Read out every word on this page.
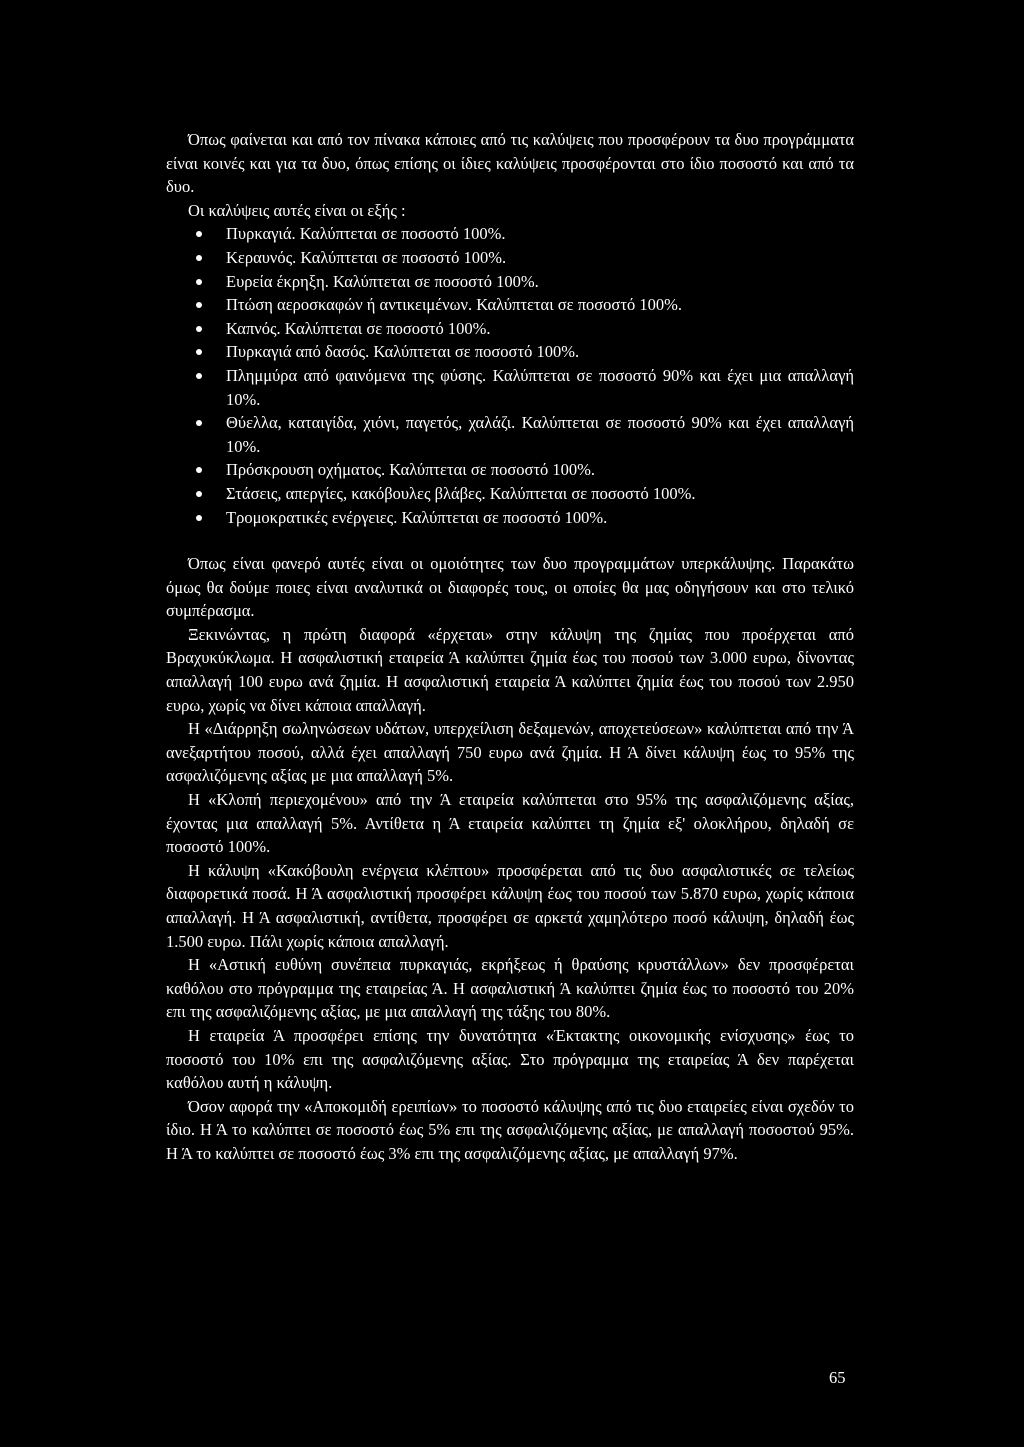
Όπως φαίνεται και από τον πίνακα κάποιες από τις καλύψεις που προσφέρουν τα δυο προγράμματα είναι κοινές και για τα δυο, όπως επίσης οι ίδιες καλύψεις προσφέρονται στο ίδιο ποσοστό και από τα δυο.

Οι καλύψεις αυτές είναι οι εξής :

Πυρκαγιά. Καλύπτεται σε ποσοστό 100%.
Κεραυνός. Καλύπτεται σε ποσοστό 100%.
Ευρεία έκρηξη. Καλύπτεται σε ποσοστό 100%.
Πτώση αεροσκαφών ή αντικειμένων. Καλύπτεται σε ποσοστό 100%.
Καπνός. Καλύπτεται σε ποσοστό 100%.
Πυρκαγιά από δασός. Καλύπτεται σε ποσοστό 100%.
Πλημμύρα από φαινόμενα της φύσης. Καλύπτεται σε ποσοστό 90% και έχει μια απαλλαγή 10%.
Θύελλα, καταιγίδα, χιόνι, παγετός, χαλάζι. Καλύπτεται σε ποσοστό 90% και έχει απαλλαγή 10%.
Πρόσκρουση οχήματος. Καλύπτεται σε ποσοστό 100%.
Στάσεις, απεργίες, κακόβουλες βλάβες. Καλύπτεται σε ποσοστό 100%.
Τρομοκρατικές ενέργειες. Καλύπτεται σε ποσοστό 100%.

Όπως είναι φανερό αυτές είναι οι ομοιότητες των δυο προγραμμάτων υπερκάλυψης. Παρακάτω όμως θα δούμε ποιες είναι αναλυτικά οι διαφορές τους, οι οποίες θα μας οδηγήσουν και στο τελικό συμπέρασμα.

Ξεκινώντας, η πρώτη διαφορά «έρχεται» στην κάλυψη της ζημίας που προέρχεται από Βραχυκύκλωμα. Η ασφαλιστική εταιρεία Ά καλύπτει ζημία έως του ποσού των 3.000 ευρω, δίνοντας απαλλαγή 100 ευρω ανά ζημία. Η ασφαλιστική εταιρεία Ά καλύπτει ζημία έως του ποσού των 2.950 ευρω, χωρίς να δίνει κάποια απαλλαγή.

Η «Διάρρηξη σωληνώσεων υδάτων, υπερχείλιση δεξαμενών, αποχετεύσεων» καλύπτεται από την Ά ανεξαρτήτου ποσού, αλλά έχει απαλλαγή 750 ευρω ανά ζημία. Η Ά δίνει κάλυψη έως το 95% της ασφαλιζόμενης αξίας με μια απαλλαγή 5%.

Η «Κλοπή περιεχομένου» από την Ά εταιρεία καλύπτεται στο 95% της ασφαλιζόμενης αξίας, έχοντας μια απαλλαγή 5%. Αντίθετα η Ά εταιρεία καλύπτει τη ζημία εξ' ολοκλήρου, δηλαδή σε ποσοστό 100%.

Η κάλυψη «Κακόβουλη ενέργεια κλέπτου» προσφέρεται από τις δυο ασφαλιστικές σε τελείως διαφορετικά ποσά. Η Ά ασφαλιστική προσφέρει κάλυψη έως του ποσού των 5.870 ευρω, χωρίς κάποια απαλλαγή. Η Ά ασφαλιστική, αντίθετα, προσφέρει σε αρκετά χαμηλότερο ποσό κάλυψη, δηλαδή έως 1.500 ευρω. Πάλι χωρίς κάποια απαλλαγή.

Η «Αστική ευθύνη συνέπεια πυρκαγιάς, εκρήξεως ή θραύσης κρυστάλλων» δεν προσφέρεται καθόλου στο πρόγραμμα της εταιρείας Ά. Η ασφαλιστική Ά καλύπτει ζημία έως το ποσοστό του 20% επι της ασφαλιζόμενης αξίας, με μια απαλλαγή της τάξης του 80%.

Η εταιρεία Ά προσφέρει επίσης την δυνατότητα «Έκτακτης οικονομικής ενίσχυσης» έως το ποσοστό του 10% επι της ασφαλιζόμενης αξίας. Στο πρόγραμμα της εταιρείας Ά δεν παρέχεται καθόλου αυτή η κάλυψη.

Όσον αφορά την «Αποκομιδή ερειπίων» το ποσοστό κάλυψης από τις δυο εταιρείες είναι σχεδόν το ίδιο. Η Ά το καλύπτει σε ποσοστό έως 5% επι της ασφαλιζόμενης αξίας, με απαλλαγή ποσοστού 95%. Η Ά το καλύπτει σε ποσοστό έως 3% επι της ασφαλιζόμενης αξίας, με απαλλαγή 97%.

65
